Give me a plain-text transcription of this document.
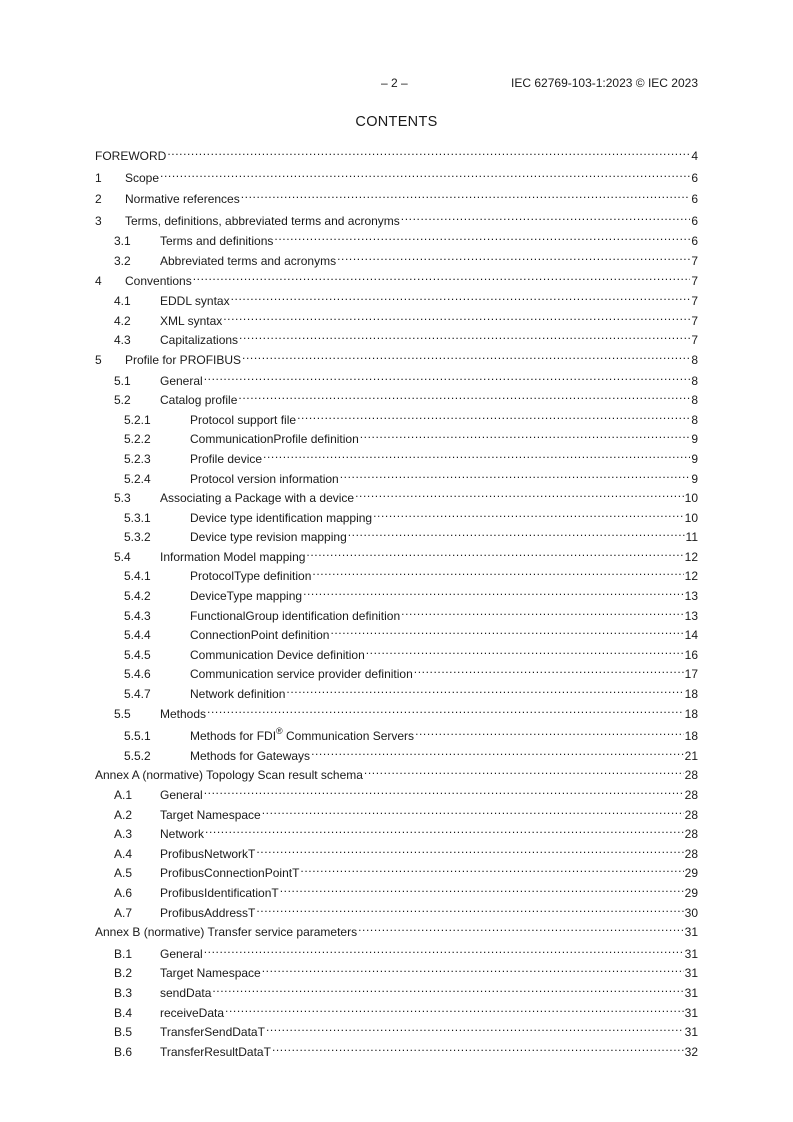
– 2 –	IEC 62769-103-1:2023 © IEC 2023
CONTENTS
FOREWORD .....	4
1	Scope .....	6
2	Normative references .....	6
3	Terms, definitions, abbreviated terms and acronyms .....	6
3.1	Terms and definitions .....	6
3.2	Abbreviated terms and acronyms .....	7
4	Conventions .....	7
4.1	EDDL syntax .....	7
4.2	XML syntax .....	7
4.3	Capitalizations .....	7
5	Profile for PROFIBUS .....	8
5.1	General .....	8
5.2	Catalog profile .....	8
5.2.1	Protocol support file .....	8
5.2.2	CommunicationProfile definition .....	9
5.2.3	Profile device .....	9
5.2.4	Protocol version information .....	9
5.3	Associating a Package with a device .....	10
5.3.1	Device type identification mapping .....	10
5.3.2	Device type revision mapping .....	11
5.4	Information Model mapping .....	12
5.4.1	ProtocolType definition .....	12
5.4.2	DeviceType mapping .....	13
5.4.3	FunctionalGroup identification definition .....	13
5.4.4	ConnectionPoint definition .....	14
5.4.5	Communication Device definition .....	16
5.4.6	Communication service provider definition .....	17
5.4.7	Network definition .....	18
5.5	Methods .....	18
5.5.1	Methods for FDI® Communication Servers .....	18
5.5.2	Methods for Gateways .....	21
Annex A (normative) Topology Scan result schema .....	28
A.1	General .....	28
A.2	Target Namespace .....	28
A.3	Network .....	28
A.4	ProfibusNetworkT .....	28
A.5	ProfibusConnectionPointT .....	29
A.6	ProfibusIdentificationT .....	29
A.7	ProfibusAddressT .....	30
Annex B (normative) Transfer service parameters .....	31
B.1	General .....	31
B.2	Target Namespace .....	31
B.3	sendData .....	31
B.4	receiveData .....	31
B.5	TransferSendDataT .....	31
B.6	TransferResultDataT .....	32
